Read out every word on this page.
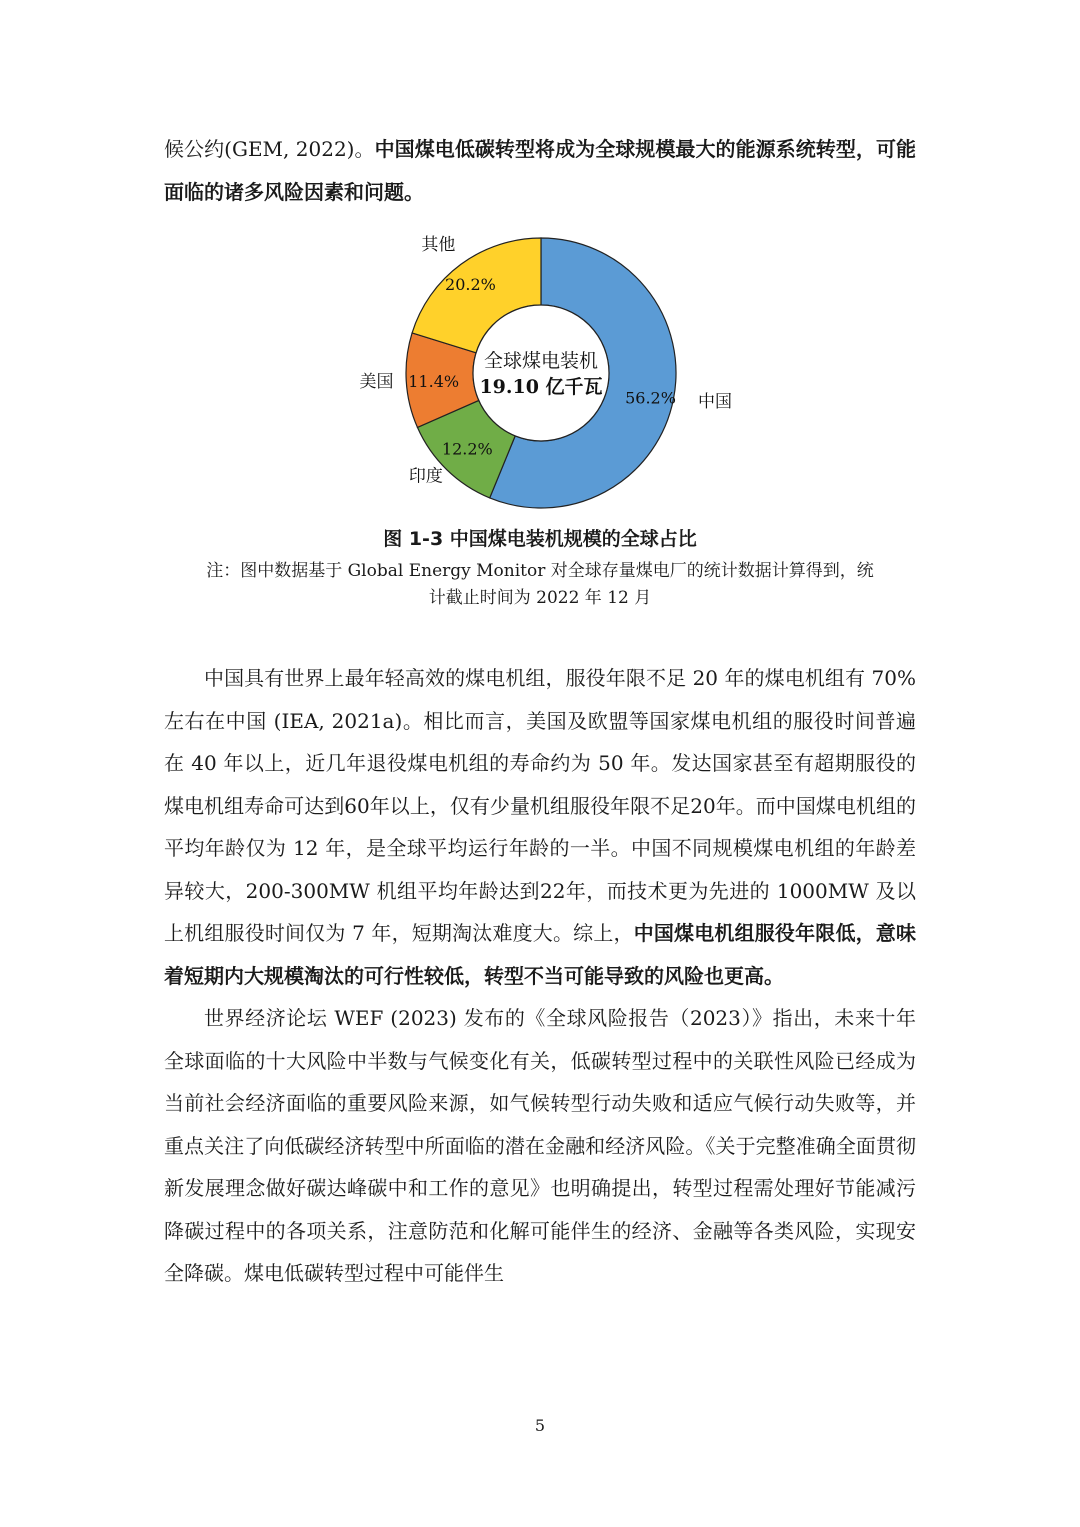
候公约(GEM, 2022)。中国煤电低碳转型将成为全球规模最大的能源系统转型，可能面临的诸多风险因素和问题。

全球煤电装机
19.10 亿千瓦 56.2% 中国
12.2%
印度
11.4%
美国
20.2%
其他
图 1-3 中国煤电装机规模的全球占比
注：图中数据基于 Global Energy Monitor 对全球存量煤电厂的统计数据计算得到，统
计截止时间为 2022 年 12 月

中国具有世界上最年轻高效的煤电机组，服役年限不足 20 年的煤电机组有 70%左右在中国 (IEA, 2021a)。相比而言，美国及欧盟等国家煤电机组的服役时间普遍在 40 年以上，近几年退役煤电机组的寿命约为 50 年。发达国家甚至有超期服役的煤电机组寿命可达到60年以上，仅有少量机组服役年限不足20年。而中国煤电机组的平均年龄仅为 12 年，是全球平均运行年龄的一半。中国不同规模煤电机组的年龄差异较大，200-300MW 机组平均年龄达到22年，而技术更为先进的 1000MW 及以上机组服役时间仅为 7 年，短期淘汰难度大。综上，中国煤电机组服役年限低，意味着短期内大规模淘汰的可行性较低，转型不当可能导致的风险也更高。

世界经济论坛 WEF (2023) 发布的《全球风险报告（2023）》指出，未来十年全球面临的十大风险中半数与气候变化有关，低碳转型过程中的关联性风险已经成为当前社会经济面临的重要风险来源，如气候转型行动失败和适应气候行动失败等，并重点关注了向低碳经济转型中所面临的潜在金融和经济风险。《关于完整准确全面贯彻新发展理念做好碳达峰碳中和工作的意见》也明确提出，转型过程需处理好节能减污降碳过程中的各项关系，注意防范和化解可能伴生的经济、金融等各类风险，实现安全降碳。煤电低碳转型过程中可能伴生

5
